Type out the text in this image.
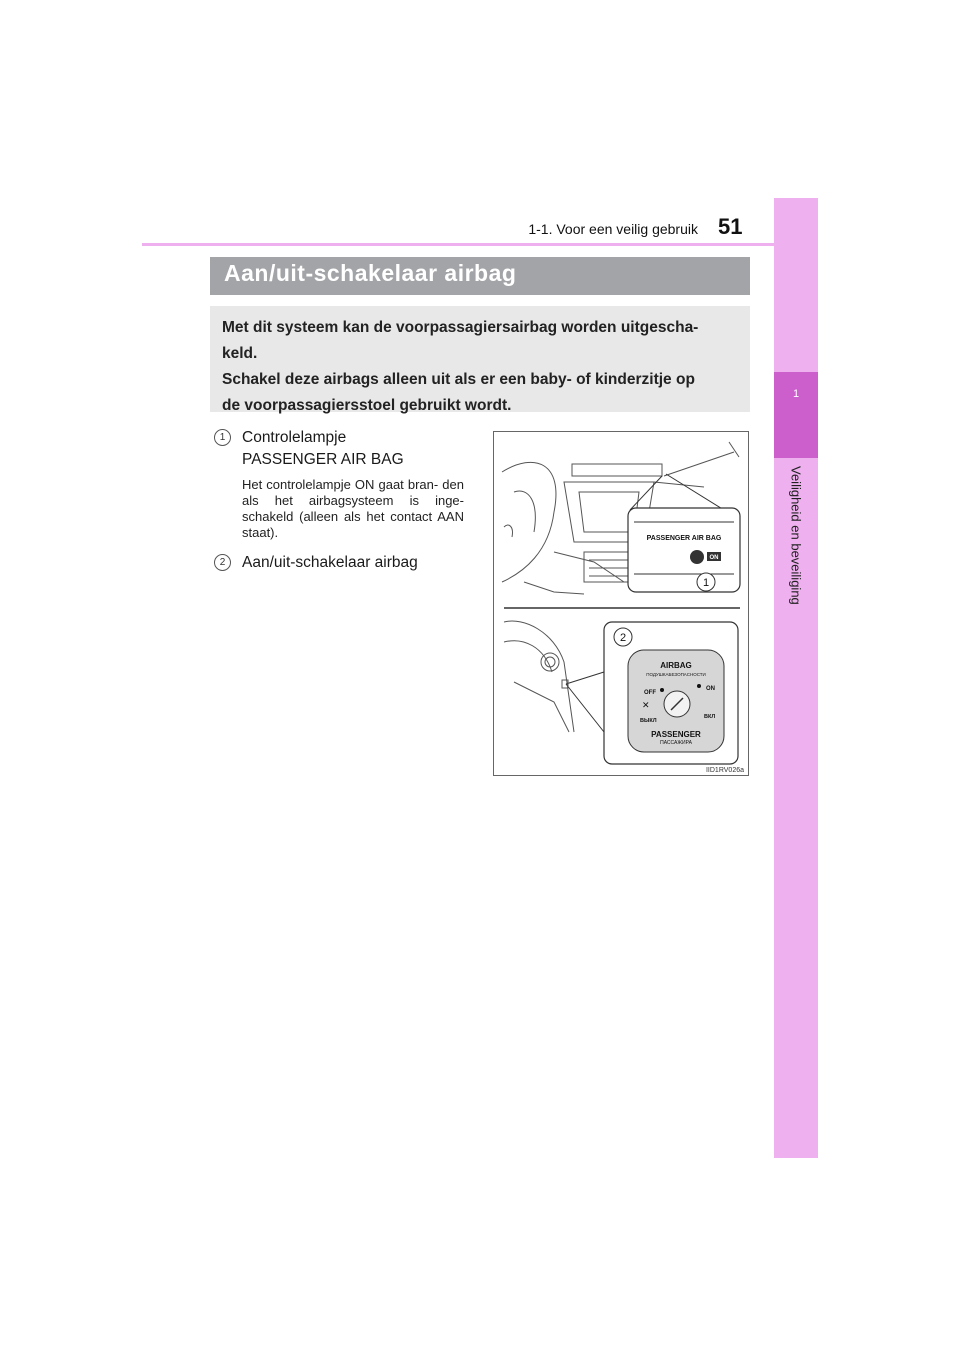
1
Veiligheid en beveiliging
1-1. Voor een veilig gebruik 51
Aan/uit-schakelaar airbag

Met dit systeem kan de voorpassagiersairbag worden uitgescha-

keld.

Schakel deze airbags alleen uit als er een baby- of kinderzitje op

de voorpassagiersstoel gebruikt wordt.

1	Controlelampje
PASSENGER AIR BAG
Het controlelampje ON gaat bran- den als het airbagsysteem is inge- schakeld (alleen als het contact AAN staat).
2	Aan/uit-schakelaar airbag
PASSENGER AIR BAG
ON
1
2
AIRBAG
ПОДУШКАБЕЗОПАСНОСТИ
OFF
ВЫКЛ
ON
ВКЛ
✕
PASSENGER
ПАССАЖИРА
IID1RV026a
